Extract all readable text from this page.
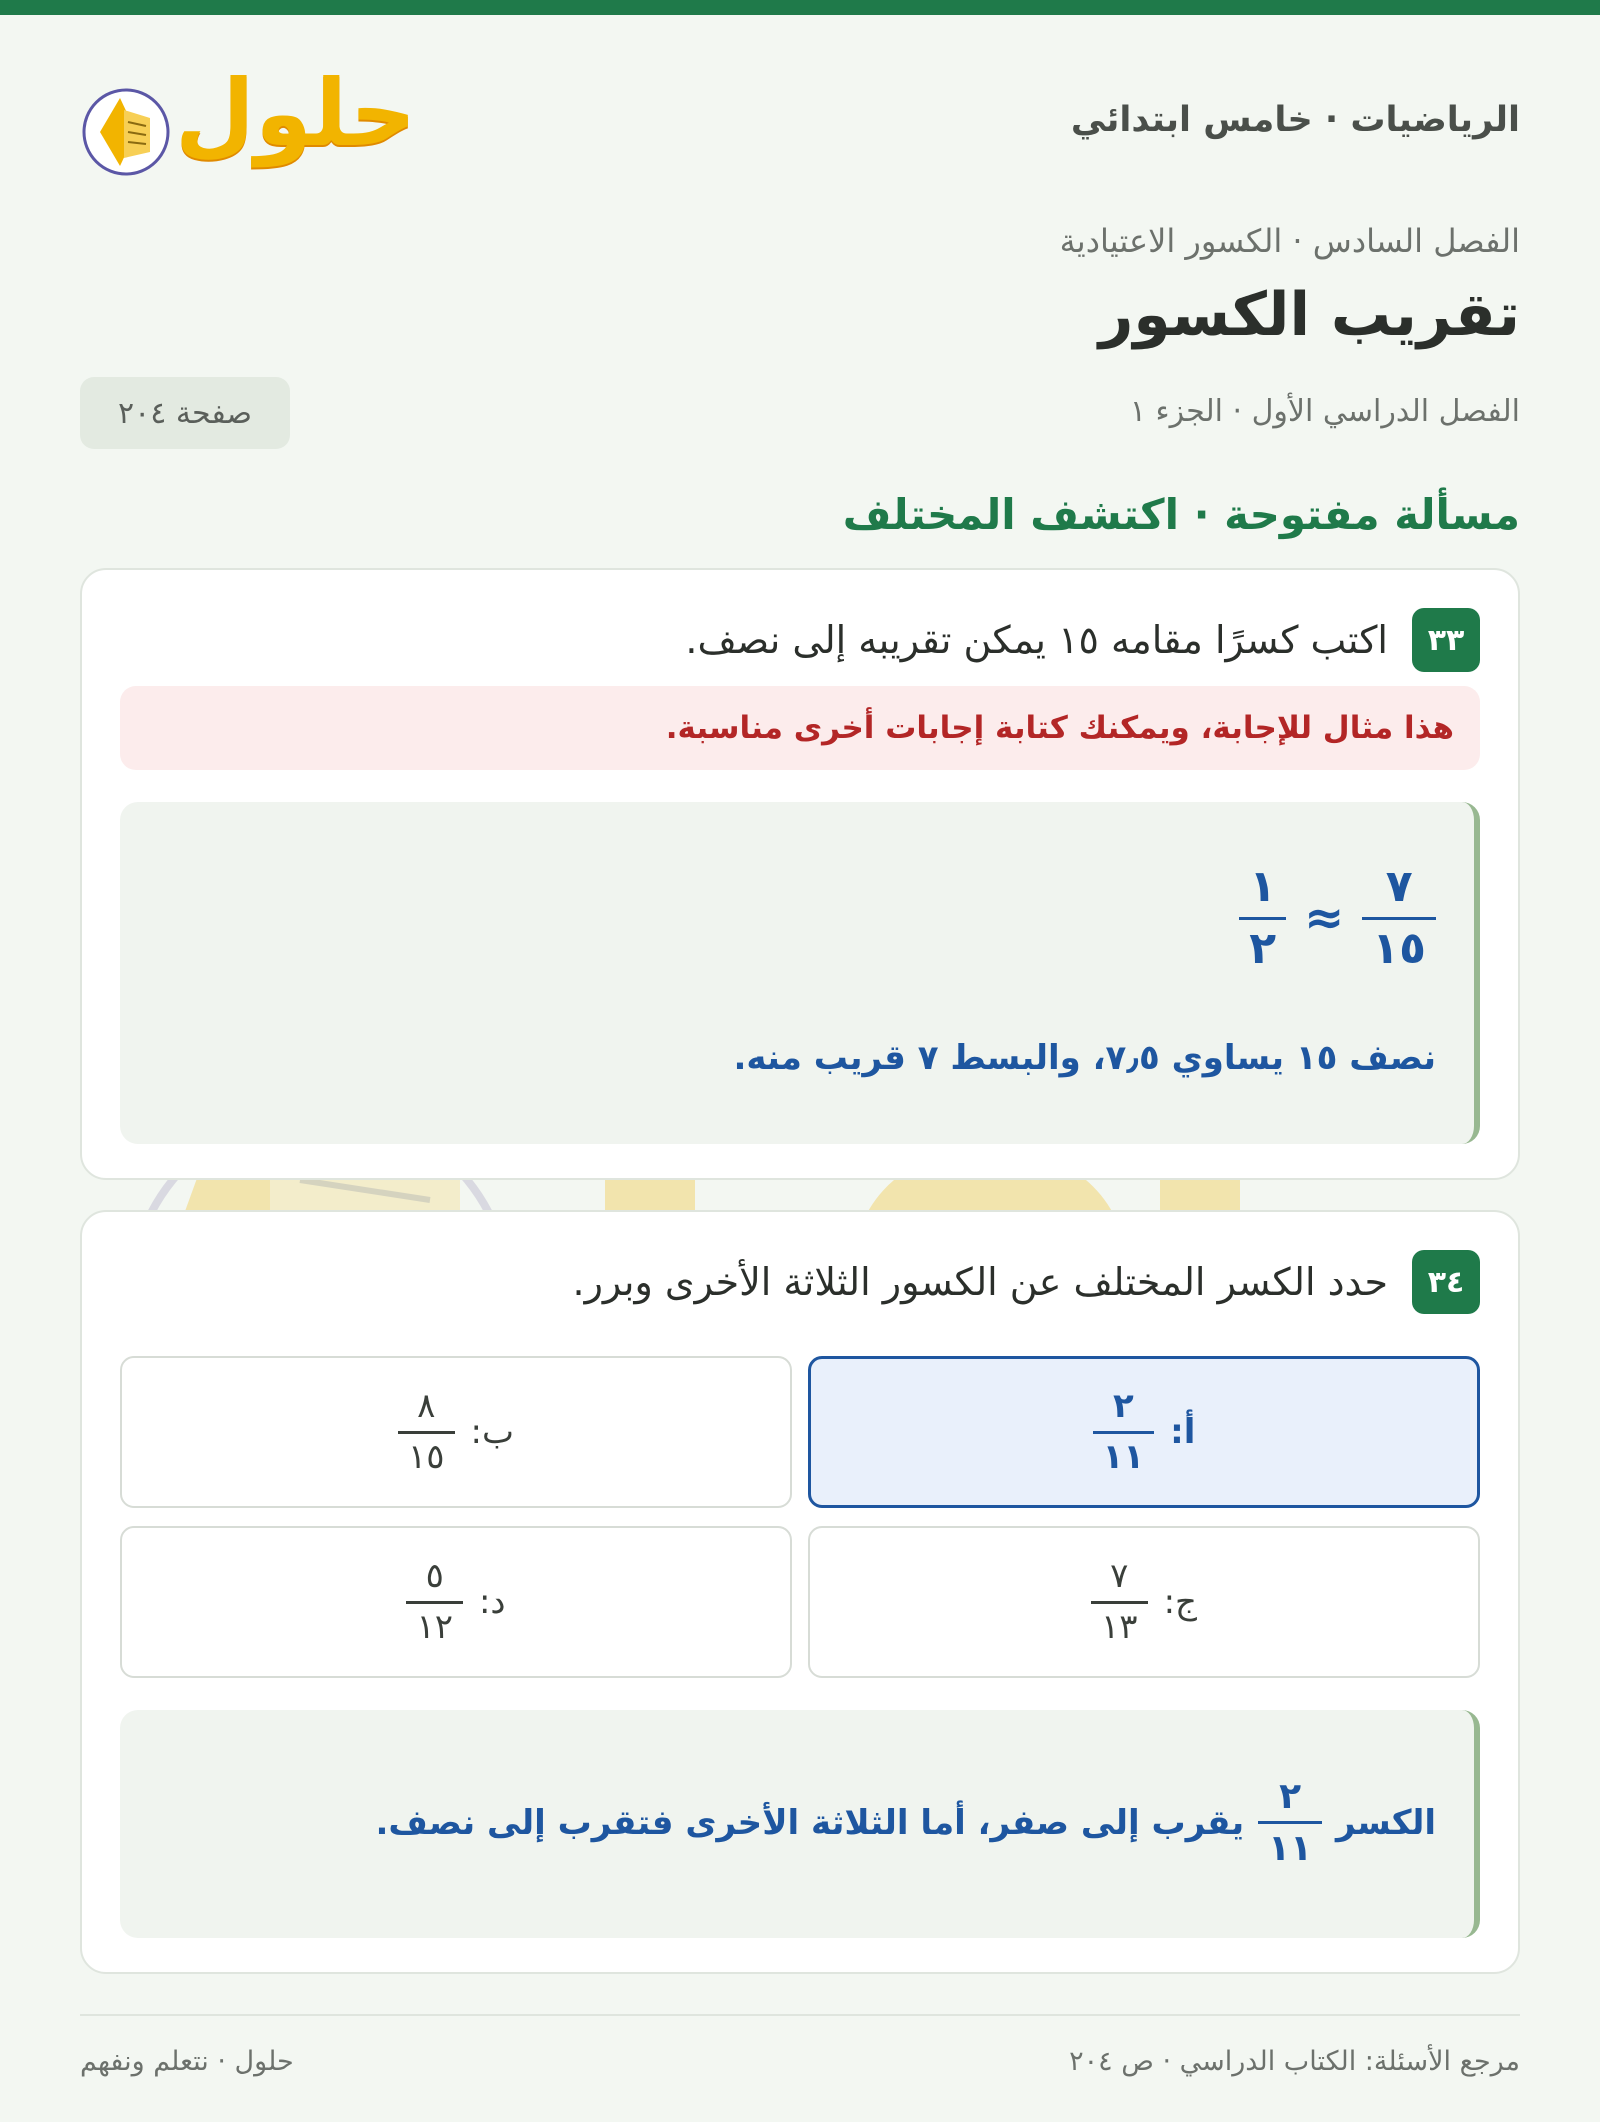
الرياضيات · خامس ابتدائي
حلول
الفصل السادس · الكسور الاعتيادية
تقريب الكسور
الفصل الدراسي الأول · الجزء ١
صفحة ٢٠٤
مسألة مفتوحة · اكتشف المختلف
٣٣
اكتب كسرًا مقامه ١٥ يمكن تقريبه إلى نصف.
هذا مثال للإجابة، ويمكنك كتابة إجابات أخرى مناسبة.
$\frac{٧}{١٥}$
≈
$\frac{١}{٢}$
نصف ١٥ يساوي ٧٫٥، والبسط ٧ قريب منه.
٣٤
حدد الكسر المختلف عن الكسور الثلاثة الأخرى وبرر.
أ:
$\frac{٢}{١١}$
ب:
$\frac{٨}{١٥}$
ج:
$\frac{٧}{١٣}$
د:
$\frac{٥}{١٢}$
الكسر
$\frac{٢}{١١}$
يقرب إلى صفر، أما الثلاثة الأخرى فتقرب إلى نصف.
مرجع الأسئلة: الكتاب الدراسي · ص ٢٠٤
حلول · نتعلم ونفهم
